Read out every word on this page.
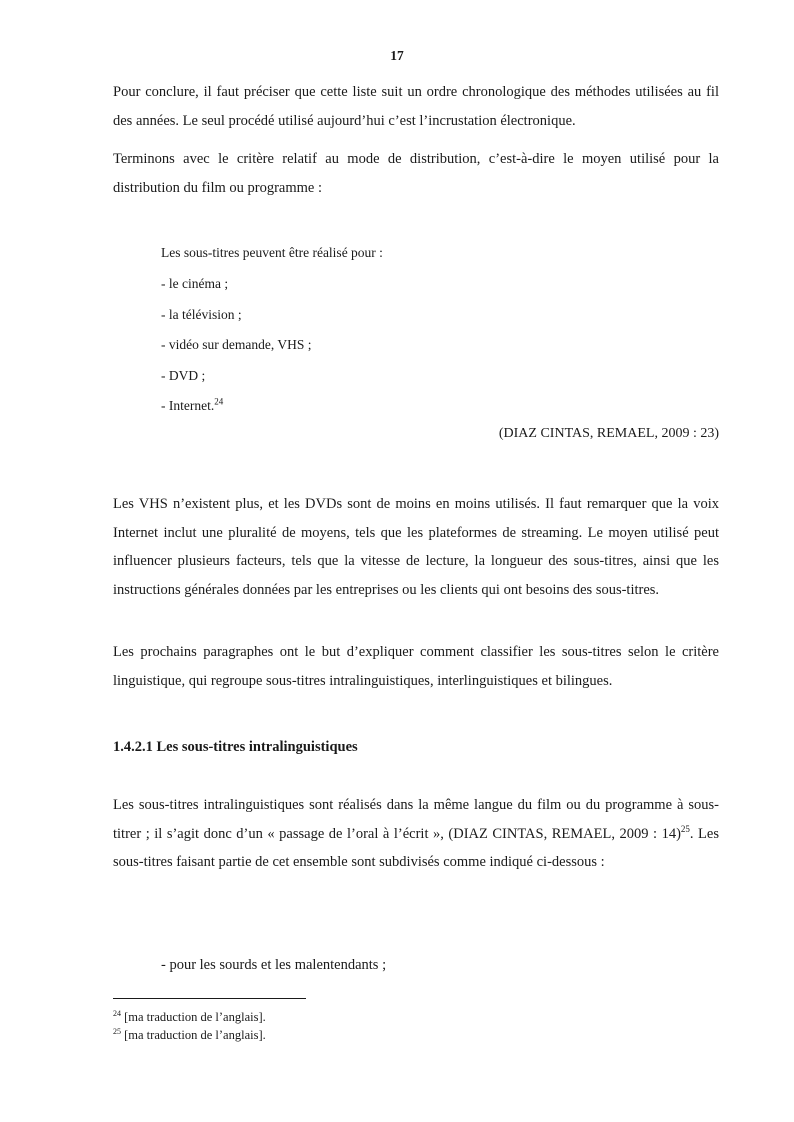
17

Pour conclure, il faut préciser que cette liste suit un ordre chronologique des méthodes utilisées au fil des années. Le seul procédé utilisé aujourd’hui c’est l’incrustation électronique.

Terminons avec le critère relatif au mode de distribution, c’est-à-dire le moyen utilisé pour la distribution du film ou programme :

Les sous-titres peuvent être réalisé pour :

- le cinéma ;

- la télévision ;

- vidéo sur demande, VHS ;

- DVD ;

- Internet.$^{24}$

(DIAZ CINTAS, REMAEL, 2009 : 23)

Les VHS n’existent plus, et les DVDs sont de moins en moins utilisés. Il faut remarquer que la voix Internet inclut une pluralité de moyens, tels que les plateformes de streaming. Le moyen utilisé peut influencer plusieurs facteurs, tels que la vitesse de lecture, la longueur des sous-titres, ainsi que les instructions générales données par les entreprises ou les clients qui ont besoins des sous-titres.

Les prochains paragraphes ont le but d’expliquer comment classifier les sous-titres selon le critère linguistique, qui regroupe sous-titres intralinguistiques, interlinguistiques et bilingues.

1.4.2.1 Les sous-titres intralinguistiques

Les sous-titres intralinguistiques sont réalisés dans la même langue du film ou du programme à sous-titrer ; il s’agit donc d’un « passage de l’oral à l’écrit », (DIAZ CINTAS, REMAEL, 2009 : 14)$^{25}$. Les sous-titres faisant partie de cet ensemble sont subdivisés comme indiqué ci-dessous :

- pour les sourds et les malentendants ;

$^{24}$ [ma traduction de l’anglais].

$^{25}$ [ma traduction de l’anglais].
